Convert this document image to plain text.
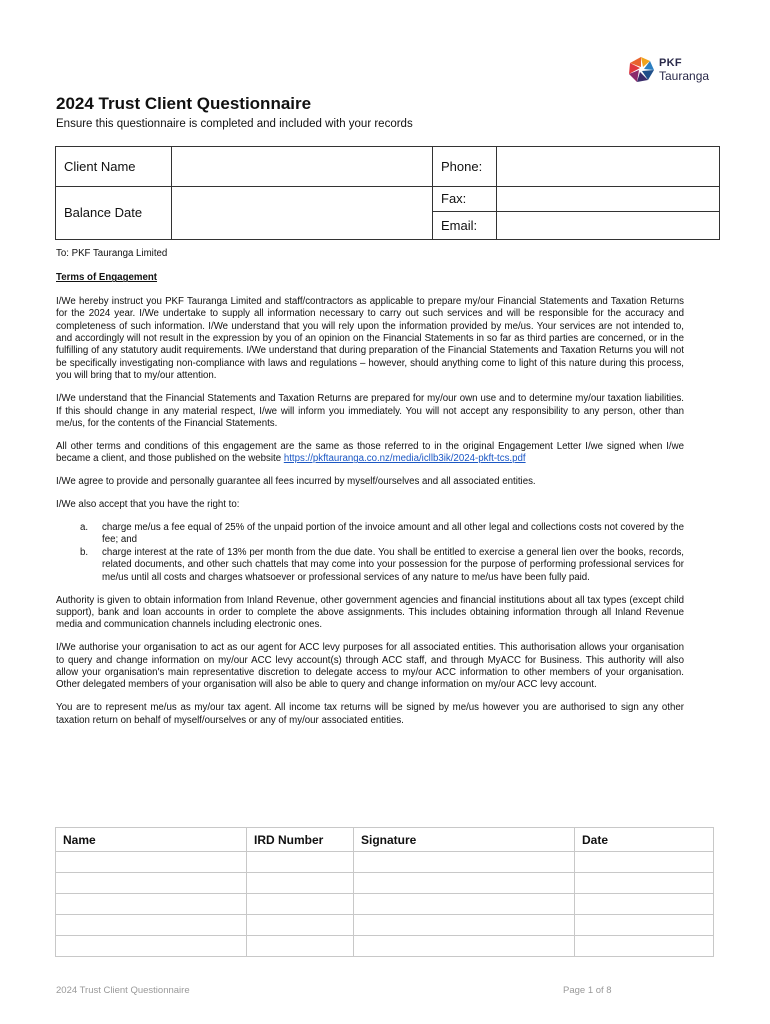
PKF
Tauranga
2024 Trust Client Questionnaire
Ensure this questionnaire is completed and included with your records
Client Name		Phone:	
Balance Date		Fax:	
		Email:	

To: PKF Tauranga Limited

Terms of Engagement

I/We hereby instruct you PKF Tauranga Limited and staff/contractors as applicable to prepare my/our Financial Statements and Taxation Returns for the 2024 year. I/We undertake to supply all information necessary to carry out such services and will be responsible for the accuracy and completeness of such information. I/We understand that you will rely upon the information provided by me/us. Your services are not intended to, and accordingly will not result in the expression by you of an opinion on the Financial Statements in so far as third parties are concerned, or in the fulfilling of any statutory audit requirements. I/We understand that during preparation of the Financial Statements and Taxation Returns you will not be specifically investigating non-compliance with laws and regulations – however, should anything come to light of this nature during this process, you will bring that to my/our attention.

I/We understand that the Financial Statements and Taxation Returns are prepared for my/our own use and to determine my/our taxation liabilities. If this should change in any material respect, I/we will inform you immediately. You will not accept any responsibility to any person, other than me/us, for the contents of the Financial Statements.

All other terms and conditions of this engagement are the same as those referred to in the original Engagement Letter I/we signed when I/we became a client, and those published on the website https://pkftauranga.co.nz/media/icllb3ik/2024-pkft-tcs.pdf

I/We agree to provide and personally guarantee all fees incurred by myself/ourselves and all associated entities.

I/We also accept that you have the right to:

a. charge me/us a fee equal of 25% of the unpaid portion of the invoice amount and all other legal and collections costs not covered by the fee; and
b. charge interest at the rate of 13% per month from the due date. You shall be entitled to exercise a general lien over the books, records, related documents, and other such chattels that may come into your possession for the purpose of performing professional services for me/us until all costs and charges whatsoever or professional services of any nature to me/us have been fully paid.

Authority is given to obtain information from Inland Revenue, other government agencies and financial institutions about all tax types (except child support), bank and loan accounts in order to complete the above assignments. This includes obtaining information through all Inland Revenue media and communication channels including electronic ones.

I/We authorise your organisation to act as our agent for ACC levy purposes for all associated entities. This authorisation allows your organisation to query and change information on my/our ACC levy account(s) through ACC staff, and through MyACC for Business. This authority will also allow your organisation's main representative discretion to delegate access to my/our ACC information to other members of your organisation. Other delegated members of your organisation will also be able to query and change information on my/our ACC levy account.

You are to represent me/us as my/our tax agent. All income tax returns will be signed by me/us however you are authorised to sign any other taxation return on behalf of myself/ourselves or any of my/our associated entities.

Name	IRD Number	Signature	Date

2024 Trust Client Questionnaire	Page 1 of 8
